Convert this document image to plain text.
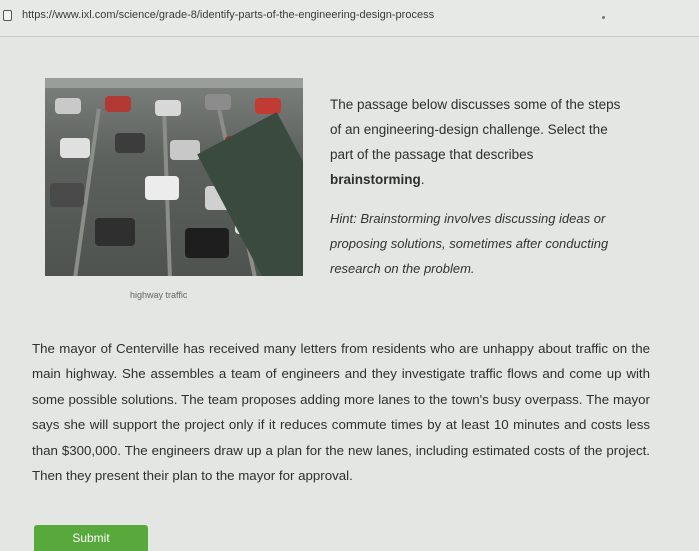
https://www.ixl.com/science/grade-8/identify-parts-of-the-engineering-design-process
highway traffic

The passage below discusses some of the steps of an engineering-design challenge. Select the part of the passage that describes brainstorming.

Hint: Brainstorming involves discussing ideas or proposing solutions, sometimes after conducting research on the problem.
The mayor of Centerville has received many letters from residents who are unhappy about traffic on the main highway. She assembles a team of engineers and they investigate traffic flows and come up with some possible solutions. The team proposes adding more lanes to the town's busy overpass. The mayor says she will support the project only if it reduces commute times by at least 10 minutes and costs less than $300,000. The engineers draw up a plan for the new lanes, including estimated costs of the project. Then they present their plan to the mayor for approval.
Submit
